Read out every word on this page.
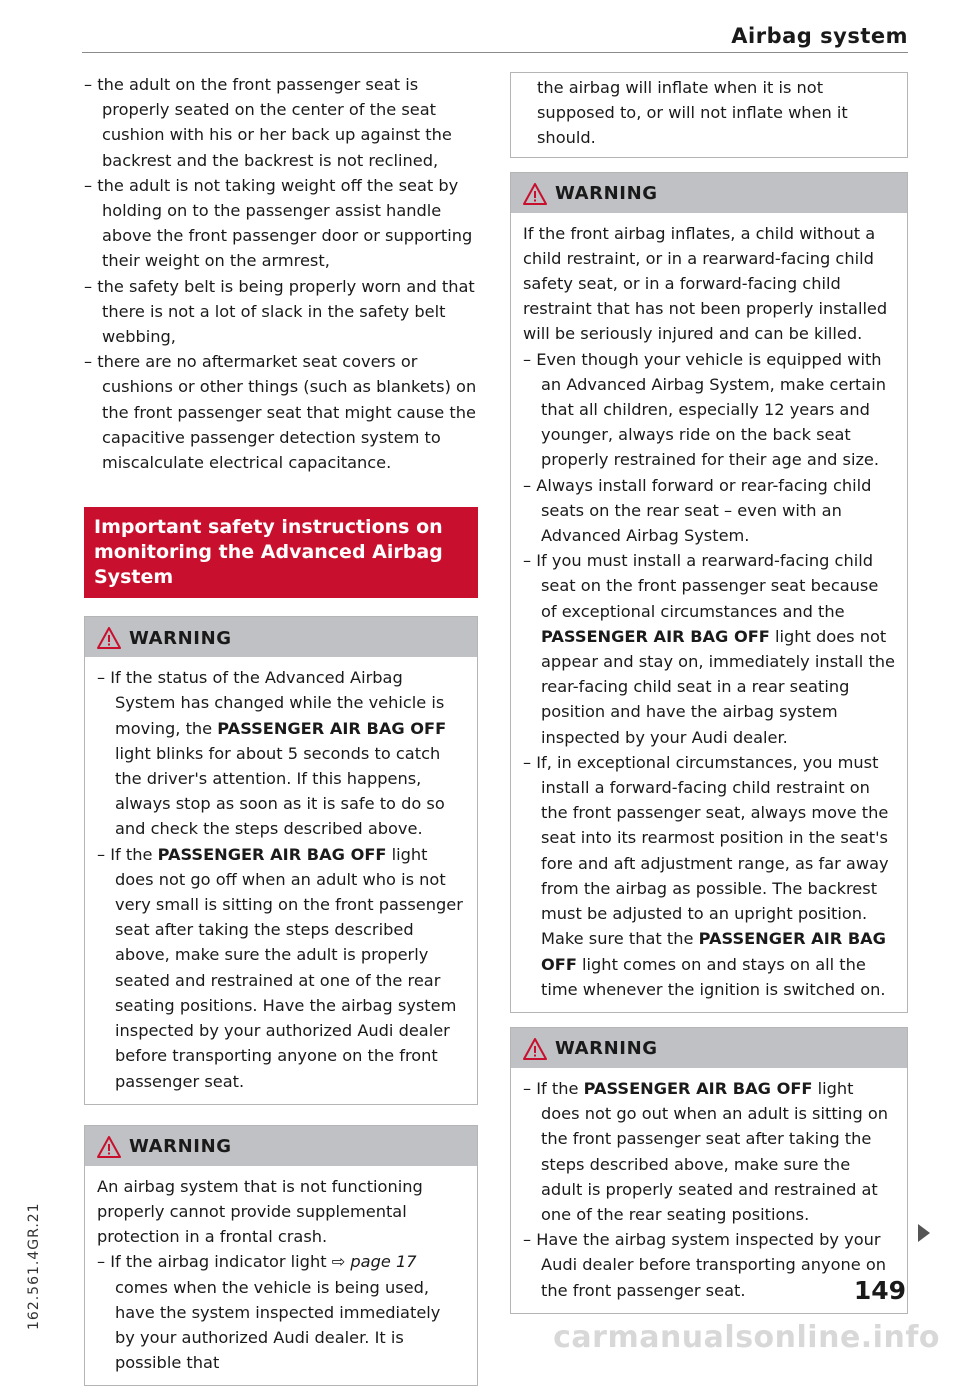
Airbag system
162.561.4GR.21
– the adult on the front passenger seat is properly seated on the center of the seat cushion with his or her back up against the backrest and the backrest is not reclined,
– the adult is not taking weight off the seat by holding on to the passenger assist handle above the front passenger door or supporting their weight on the armrest,
– the safety belt is being properly worn and that there is not a lot of slack in the safety belt webbing,
– there are no aftermarket seat covers or cushions or other things (such as blankets) on the front passenger seat that might cause the capacitive passenger detection system to miscalculate electrical capacitance.
Important safety instructions on monitoring the Advanced Airbag System
WARNING
– If the status of the Advanced Airbag System has changed while the vehicle is moving, the PASSENGER AIR BAG OFF light blinks for about 5 seconds to catch the driver's attention. If this happens, always stop as soon as it is safe to do so and check the steps described above.
– If the PASSENGER AIR BAG OFF light does not go off when an adult who is not very small is sitting on the front passenger seat after taking the steps described above, make sure the adult is properly seated and restrained at one of the rear seating positions. Have the airbag system inspected by your authorized Audi dealer before transporting anyone on the front passenger seat.
WARNING

An airbag system that is not functioning properly cannot provide supplemental protection in a frontal crash.

– If the airbag indicator light ⇨ page 17 comes when the vehicle is being used, have the system inspected immediately by your authorized Audi dealer. It is possible that

the airbag will inflate when it is not supposed to, or will not inflate when it should.

WARNING

If the front airbag inflates, a child without a child restraint, or in a rearward-facing child safety seat, or in a forward-facing child restraint that has not been properly installed will be seriously injured and can be killed.

– Even though your vehicle is equipped with an Advanced Airbag System, make certain that all children, especially 12 years and younger, always ride on the back seat properly restrained for their age and size.
– Always install forward or rear-facing child seats on the rear seat – even with an Advanced Airbag System.
– If you must install a rearward-facing child seat on the front passenger seat because of exceptional circumstances and the PASSENGER AIR BAG OFF light does not appear and stay on, immediately install the rear-facing child seat in a rear seating position and have the airbag system inspected by your Audi dealer.
– If, in exceptional circumstances, you must install a forward-facing child restraint on the front passenger seat, always move the seat into its rearmost position in the seat's fore and aft adjustment range, as far away from the airbag as possible. The backrest must be adjusted to an upright position. Make sure that the PASSENGER AIR BAG OFF light comes on and stays on all the time whenever the ignition is switched on.
WARNING
– If the PASSENGER AIR BAG OFF light does not go out when an adult is sitting on the front passenger seat after taking the steps described above, make sure the adult is properly seated and restrained at one of the rear seating positions.
– Have the airbag system inspected by your Audi dealer before transporting anyone on the front passenger seat.	149
carmanualsonline.info
